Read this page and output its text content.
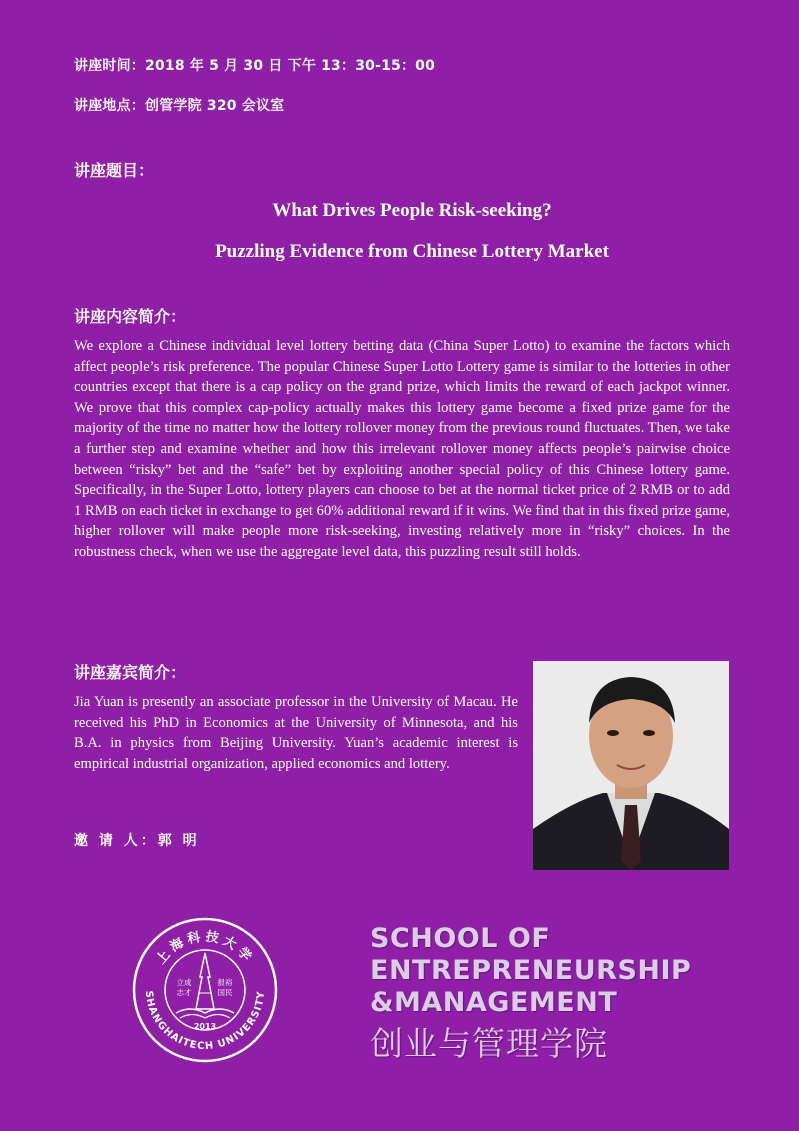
讲座时间：2018 年 5 月 30 日 下午 13：30-15：00
讲座地点：创管学院 320 会议室
讲座题目：
What Drives People Risk-seeking?
Puzzling Evidence from Chinese Lottery Market
讲座内容简介：
We explore a Chinese individual level lottery betting data (China Super Lotto) to examine the factors which affect people’s risk preference. The popular Chinese Super Lotto Lottery game is similar to the lotteries in other countries except that there is a cap policy on the grand prize, which limits the reward of each jackpot winner. We prove that this complex cap-policy actually makes this lottery game become a fixed prize game for the majority of the time no matter how the lottery rollover money from the previous round fluctuates. Then, we take a further step and examine whether and how this irrelevant rollover money affects people’s pairwise choice between “risky” bet and the “safe” bet by exploiting another special policy of this Chinese lottery game. Specifically, in the Super Lotto, lottery players can choose to bet at the normal ticket price of 2 RMB or to add 1 RMB on each ticket in exchange to get 60% additional reward if it wins. We find that in this fixed prize game, higher rollover will make people more risk-seeking, investing relatively more in “risky” choices. In the robustness check, when we use the aggregate level data, this puzzling result still holds.
讲座嘉宾简介：
Jia Yuan is presently an associate professor in the University of Macau. He received his PhD in Economics at the University of Minnesota, and his B.A. in physics from Beijing University. Yuan’s academic interest is empirical industrial organization, applied economics and lottery.
邀 请 人：郭 明
上海科技大学
SHANGHAITECH UNIVERSITY
立成志才
报裕国民
2013
SCHOOL OF
ENTREPRENEURSHIP
&MANAGEMENT
创业与管理学院
